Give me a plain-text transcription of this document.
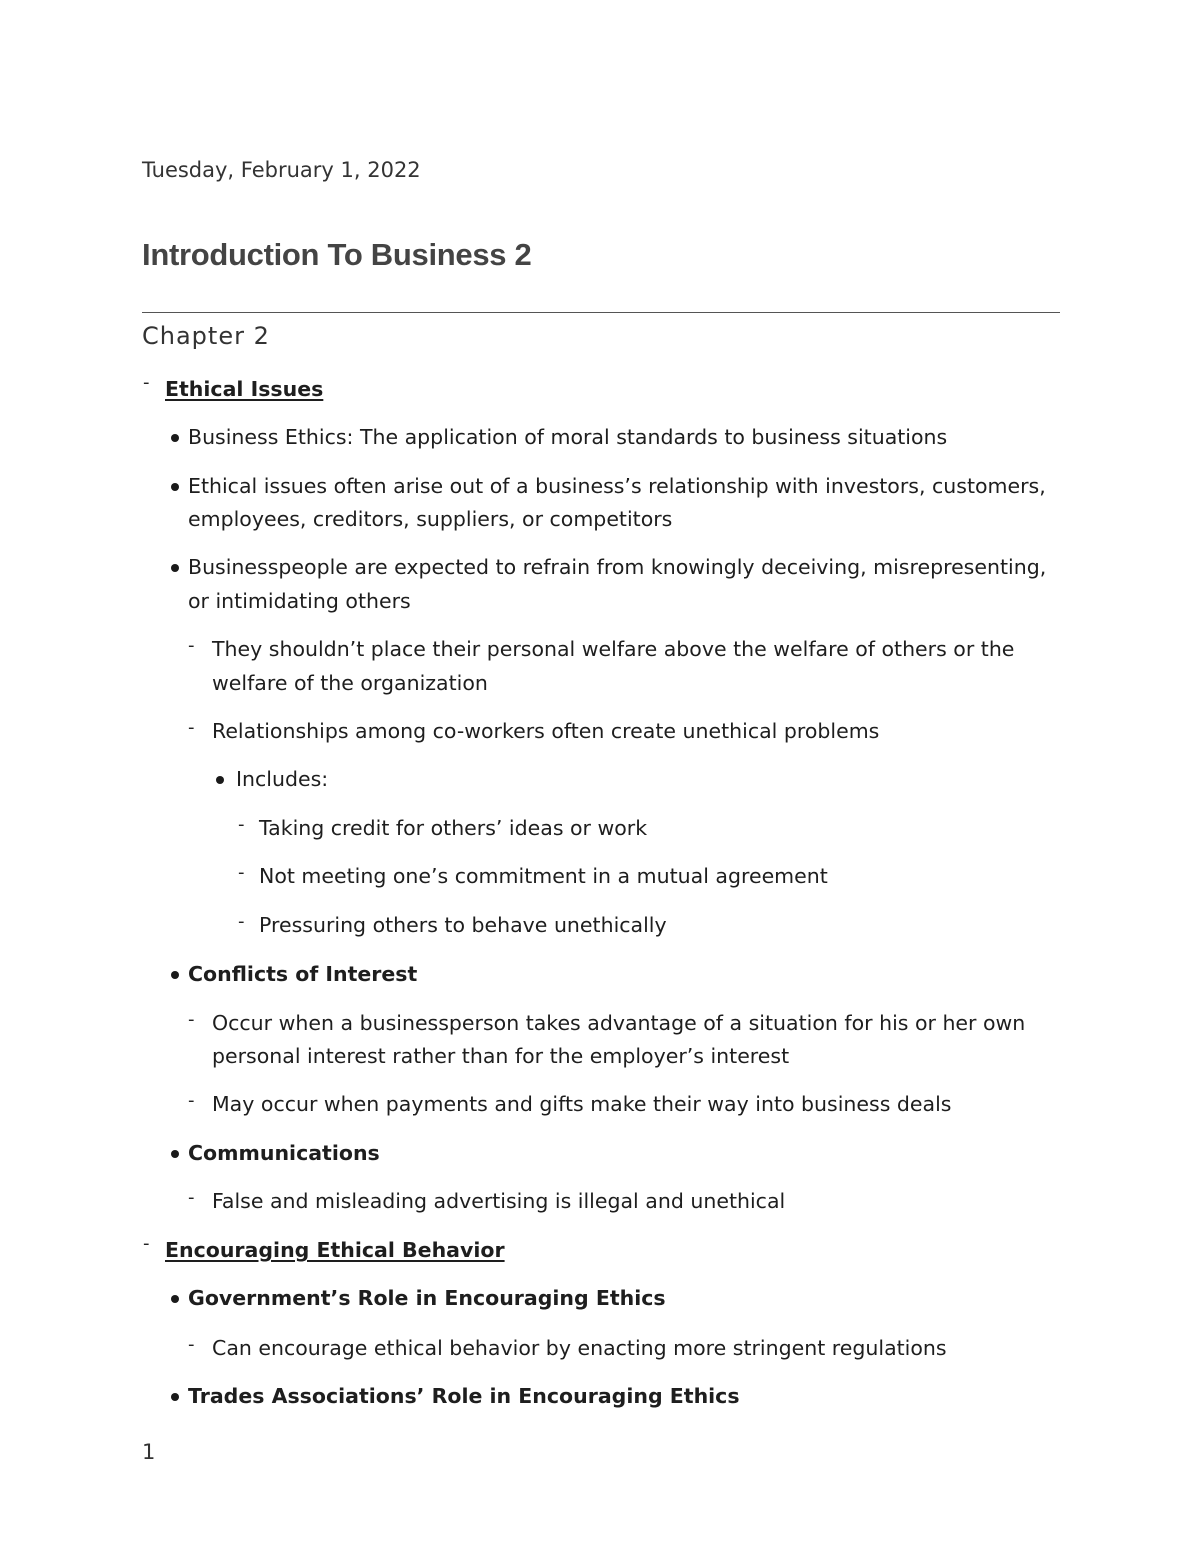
Tuesday, February 1, 2022
Introduction To Business 2
Chapter 2
- Ethical Issues
Business Ethics: The application of moral standards to business situations
Ethical issues often arise out of a business’s relationship with investors, customers,
employees, creditors, suppliers, or competitors
Businesspeople are expected to refrain from knowingly deceiving, misrepresenting,
or intimidating others
- They shouldn’t place their personal welfare above the welfare of others or the
welfare of the organization
- Relationships among co-workers often create unethical problems
Includes:
- Taking credit for others’ ideas or work
- Not meeting one’s commitment in a mutual agreement
- Pressuring others to behave unethically
Conflicts of Interest
- Occur when a businessperson takes advantage of a situation for his or her own
personal interest rather than for the employer’s interest
- May occur when payments and gifts make their way into business deals
Communications
- False and misleading advertising is illegal and unethical
- Encouraging Ethical Behavior
Government’s Role in Encouraging Ethics
- Can encourage ethical behavior by enacting more stringent regulations
Trades Associations’ Role in Encouraging Ethics
1
